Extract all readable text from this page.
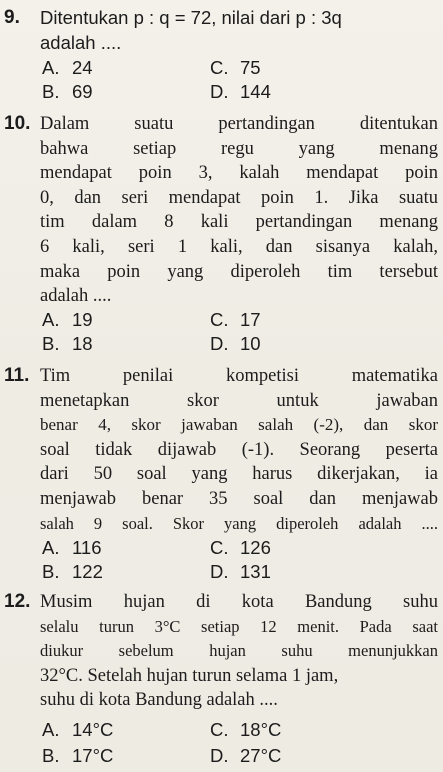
9. Ditentukan p : q = 72, nilai dari p : 3q
adalah ....
A. 24	C. 75
B. 69	D. 144
10. Dalam suatu pertandingan ditentukan
bahwa setiap regu yang menang
mendapat poin 3, kalah mendapat poin
0, dan seri mendapat poin 1. Jika suatu
tim dalam 8 kali pertandingan menang
6 kali, seri 1 kali, dan sisanya kalah,
maka poin yang diperoleh tim tersebut
adalah ....
A. 19	C. 17
B. 18	D. 10
11. Tim penilai kompetisi matematika
menetapkan skor untuk jawaban
benar 4, skor jawaban salah (-2), dan skor
soal tidak dijawab (-1). Seorang peserta
dari 50 soal yang harus dikerjakan, ia
menjawab benar 35 soal dan menjawab
salah 9 soal. Skor yang diperoleh adalah ....
A. 116	C. 126
B. 122	D. 131
12. Musim hujan di kota Bandung suhu
selalu turun 3°C setiap 12 menit. Pada saat
diukur sebelum hujan suhu menunjukkan
32°C. Setelah hujan turun selama 1 jam,
suhu di kota Bandung adalah ....
A. 14°C	C. 18°C
B. 17°C	D. 27°C
